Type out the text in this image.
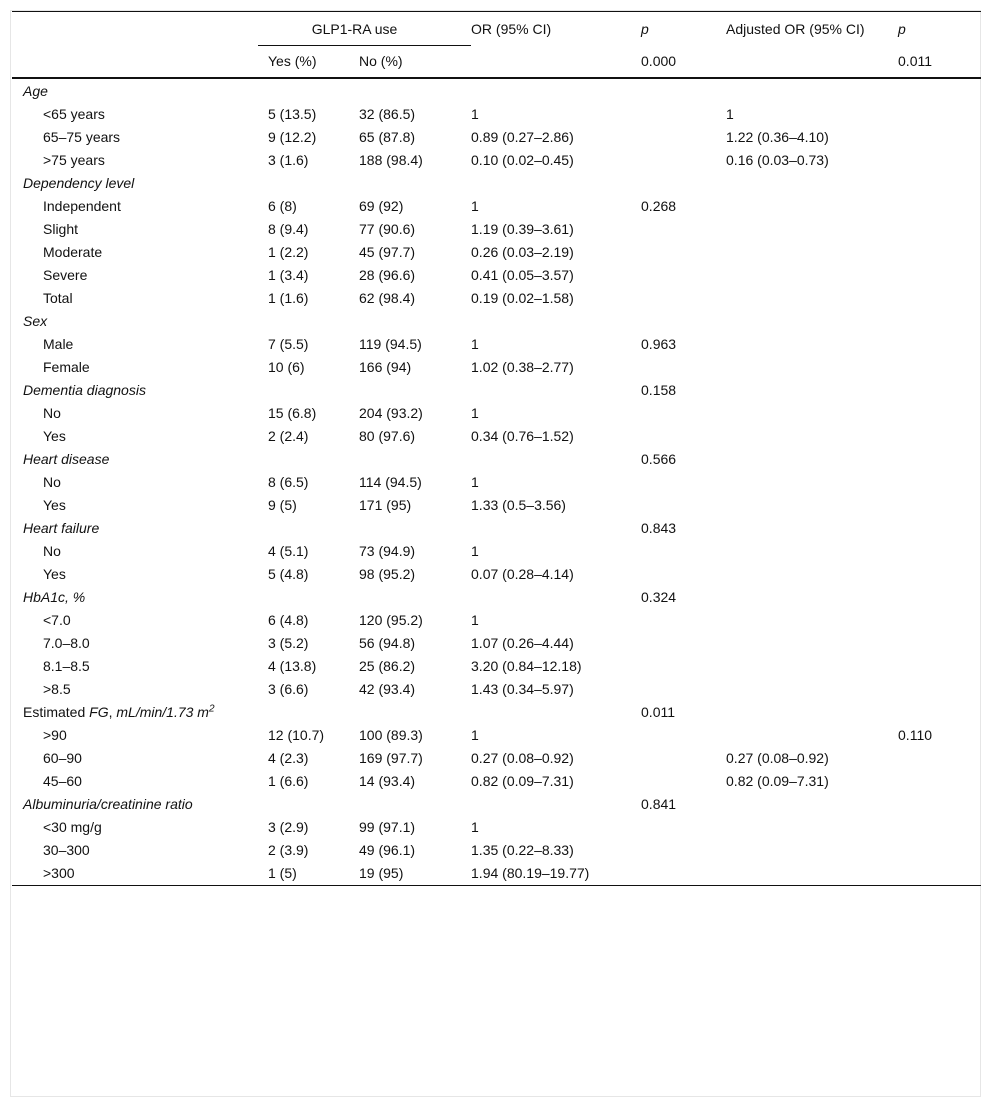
	GLP1-RA use		OR (95% CI)	p	Adjusted OR (95% CI)	p
	Yes (%)	No (%)		0.000		0.011
Age						
<65 years	5 (13.5)	32 (86.5)	1		1	
65–75 years	9 (12.2)	65 (87.8)	0.89 (0.27–2.86)		1.22 (0.36–4.10)	
>75 years	3 (1.6)	188 (98.4)	0.10 (0.02–0.45)		0.16 (0.03–0.73)	
Dependency level						
Independent	6 (8)	69 (92)	1	0.268		
Slight	8 (9.4)	77 (90.6)	1.19 (0.39–3.61)			
Moderate	1 (2.2)	45 (97.7)	0.26 (0.03–2.19)			
Severe	1 (3.4)	28 (96.6)	0.41 (0.05–3.57)			
Total	1 (1.6)	62 (98.4)	0.19 (0.02–1.58)			
Sex						
Male	7 (5.5)	119 (94.5)	1	0.963		
Female	10 (6)	166 (94)	1.02 (0.38–2.77)			
Dementia diagnosis				0.158		
No	15 (6.8)	204 (93.2)	1			
Yes	2 (2.4)	80 (97.6)	0.34 (0.76–1.52)			
Heart disease				0.566		
No	8 (6.5)	114 (94.5)	1			
Yes	9 (5)	171 (95)	1.33 (0.5–3.56)			
Heart failure				0.843		
No	4 (5.1)	73 (94.9)	1			
Yes	5 (4.8)	98 (95.2)	0.07 (0.28–4.14)			
HbA1c, %				0.324		
<7.0	6 (4.8)	120 (95.2)	1			
7.0–8.0	3 (5.2)	56 (94.8)	1.07 (0.26–4.44)			
8.1–8.5	4 (13.8)	25 (86.2)	3.20 (0.84–12.18)			
>8.5	3 (6.6)	42 (93.4)	1.43 (0.34–5.97)			
Estimated FG, mL/min/1.73 $m^2$				0.011		
>90	12 (10.7)	100 (89.3)	1			0.110
60–90	4 (2.3)	169 (97.7)	0.27 (0.08–0.92)		0.27 (0.08–0.92)	
45–60	1 (6.6)	14 (93.4)	0.82 (0.09–7.31)		0.82 (0.09–7.31)	
Albuminuria/creatinine ratio				0.841		
<30 mg/g	3 (2.9)	99 (97.1)	1			
30–300	2 (3.9)	49 (96.1)	1.35 (0.22–8.33)			
>300	1 (5)	19 (95)	1.94 (80.19–19.77)			
